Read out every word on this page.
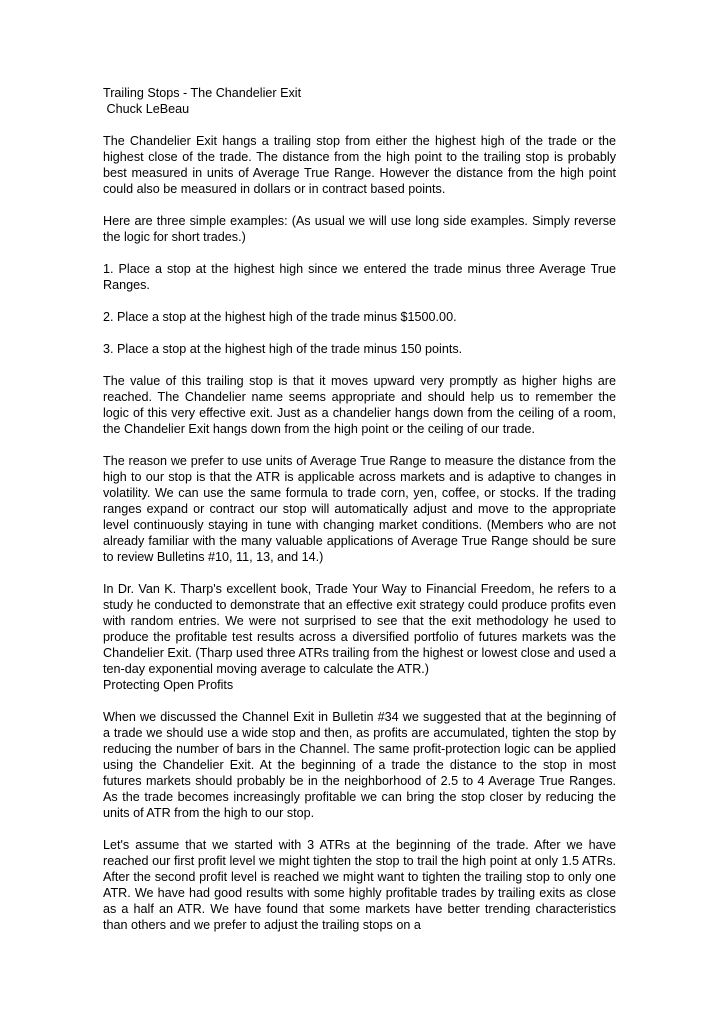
Trailing Stops - The Chandelier Exit
Chuck LeBeau

The Chandelier Exit hangs a trailing stop from either the highest high of the trade or the highest close of the trade. The distance from the high point to the trailing stop is probably best measured in units of Average True Range. However the distance from the high point could also be measured in dollars or in contract based points.

Here are three simple examples: (As usual we will use long side examples. Simply reverse the logic for short trades.)

1. Place a stop at the highest high since we entered the trade minus three Average True Ranges.

2. Place a stop at the highest high of the trade minus $1500.00.

3. Place a stop at the highest high of the trade minus 150 points.

The value of this trailing stop is that it moves upward very promptly as higher highs are reached. The Chandelier name seems appropriate and should help us to remember the logic of this very effective exit. Just as a chandelier hangs down from the ceiling of a room, the Chandelier Exit hangs down from the high point or the ceiling of our trade.

The reason we prefer to use units of Average True Range to measure the distance from the high to our stop is that the ATR is applicable across markets and is adaptive to changes in volatility. We can use the same formula to trade corn, yen, coffee, or stocks. If the trading ranges expand or contract our stop will automatically adjust and move to the appropriate level continuously staying in tune with changing market conditions. (Members who are not already familiar with the many valuable applications of Average True Range should be sure to review Bulletins #10, 11, 13, and 14.)

In Dr. Van K. Tharp's excellent book, Trade Your Way to Financial Freedom, he refers to a study he conducted to demonstrate that an effective exit strategy could produce profits even with random entries. We were not surprised to see that the exit methodology he used to produce the profitable test results across a diversified portfolio of futures markets was the Chandelier Exit. (Tharp used three ATRs trailing from the highest or lowest close and used a ten-day exponential moving average to calculate the ATR.)

Protecting Open Profits

When we discussed the Channel Exit in Bulletin #34 we suggested that at the beginning of a trade we should use a wide stop and then, as profits are accumulated, tighten the stop by reducing the number of bars in the Channel. The same profit-protection logic can be applied using the Chandelier Exit. At the beginning of a trade the distance to the stop in most futures markets should probably be in the neighborhood of 2.5 to 4 Average True Ranges. As the trade becomes increasingly profitable we can bring the stop closer by reducing the units of ATR from the high to our stop.

Let's assume that we started with 3 ATRs at the beginning of the trade. After we have reached our first profit level we might tighten the stop to trail the high point at only 1.5 ATRs. After the second profit level is reached we might want to tighten the trailing stop to only one ATR. We have had good results with some highly profitable trades by trailing exits as close as a half an ATR. We have found that some markets have better trending characteristics than others and we prefer to adjust the trailing stops on a
